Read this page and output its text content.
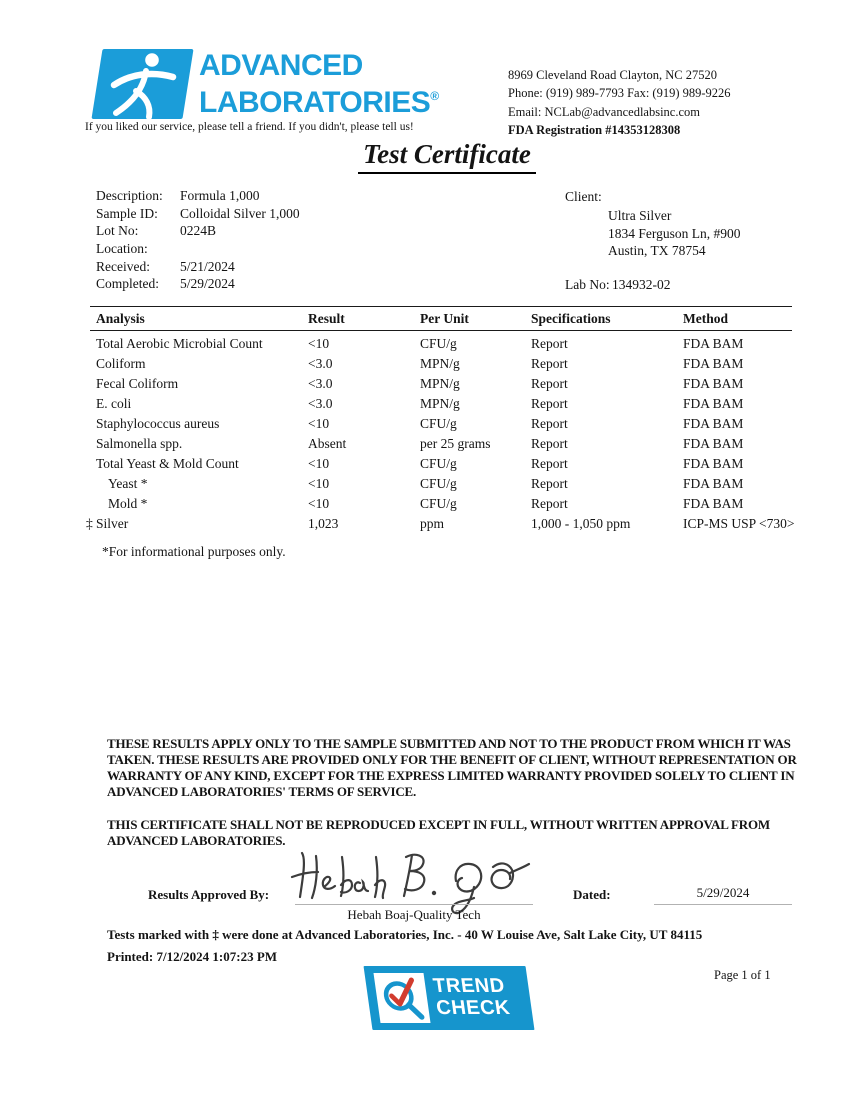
ADVANCED
LABORATORIES®
If you liked our service, please tell a friend. If you didn't, please tell us!
8969 Cleveland Road Clayton, NC 27520
Phone: (919) 989-7793 Fax: (919) 989-9226
Email: NCLab@advancedlabsinc.com
FDA Registration #14353128308
Test Certificate
Description: Formula 1,000
Sample ID: Colloidal Silver 1,000
Lot No:	0224B
Location:
Received: 5/21/2024
Completed: 5/29/2024
Client:
Ultra Silver
1834 Ferguson Ln, #900
Austin, TX 78754
Lab No: 134932-02
Analysis	Result	Per Unit	Specifications	Method
Total Aerobic Microbial Count	<10	CFU/g	Report	FDA BAM
Coliform	<3.0	MPN/g	Report	FDA BAM
Fecal Coliform	<3.0	MPN/g	Report	FDA BAM
E. coli	<3.0	MPN/g	Report	FDA BAM
Staphylococcus aureus	<10	CFU/g	Report	FDA BAM
Salmonella spp.	Absent	per 25 grams	Report	FDA BAM
Total Yeast & Mold Count	<10	CFU/g	Report	FDA BAM
Yeast *	<10	CFU/g	Report	FDA BAM
Mold *	<10	CFU/g	Report	FDA BAM
‡ Silver	1,023	ppm	1,000 - 1,050 ppm	ICP-MS USP <730>
*For informational purposes only.
THESE RESULTS APPLY ONLY TO THE SAMPLE SUBMITTED AND NOT TO THE PRODUCT FROM WHICH IT WAS TAKEN. THESE RESULTS ARE PROVIDED ONLY FOR THE BENEFIT OF CLIENT, WITHOUT REPRESENTATION OR WARRANTY OF ANY KIND, EXCEPT FOR THE EXPRESS LIMITED WARRANTY PROVIDED SOLELY TO CLIENT IN ADVANCED LABORATORIES' TERMS OF SERVICE.
THIS CERTIFICATE SHALL NOT BE REPRODUCED EXCEPT IN FULL, WITHOUT WRITTEN APPROVAL FROM ADVANCED LABORATORIES.
Results Approved By:
Hebah Boaj-Quality Tech
Dated:	5/29/2024
Tests marked with ‡ were done at Advanced Laboratories, Inc. - 40 W Louise Ave, Salt Lake City, UT 84115
Printed: 7/12/2024 1:07:23 PM
TREND
CHECK
Page 1 of 1
